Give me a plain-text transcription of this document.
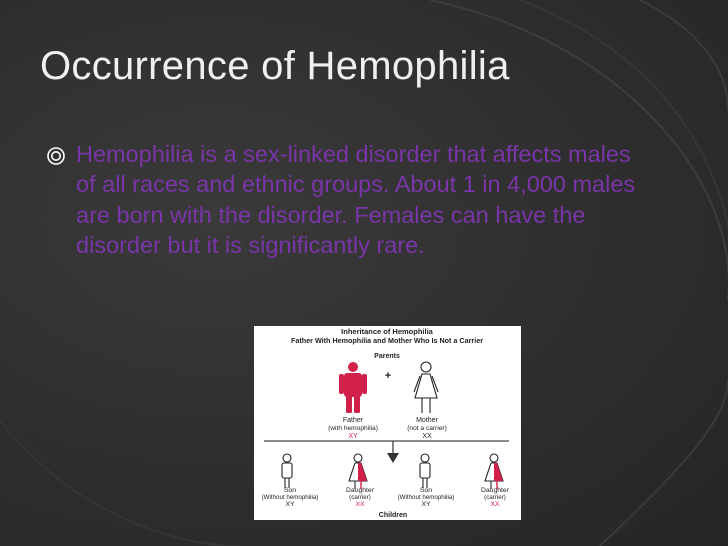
Occurrence of Hemophilia
Hemophilia is a sex-linked disorder that affects males of all races and ethnic groups. About 1 in 4,000 males are born with the disorder. Females can have the disorder but it is significantly rare.
Inheritance of Hemophilia
Father With Hemophilia and Mother Who Is Not a Carrier
Parents
+
Father
(with hemophilia)
XY
Mother
(not a carrier)
XX
Son
(Without hemophilia)
XY
Daughter
(carrier)
XX
Son
(Without hemophilia)
XY
Daughter
(carrier)
XX
Children
